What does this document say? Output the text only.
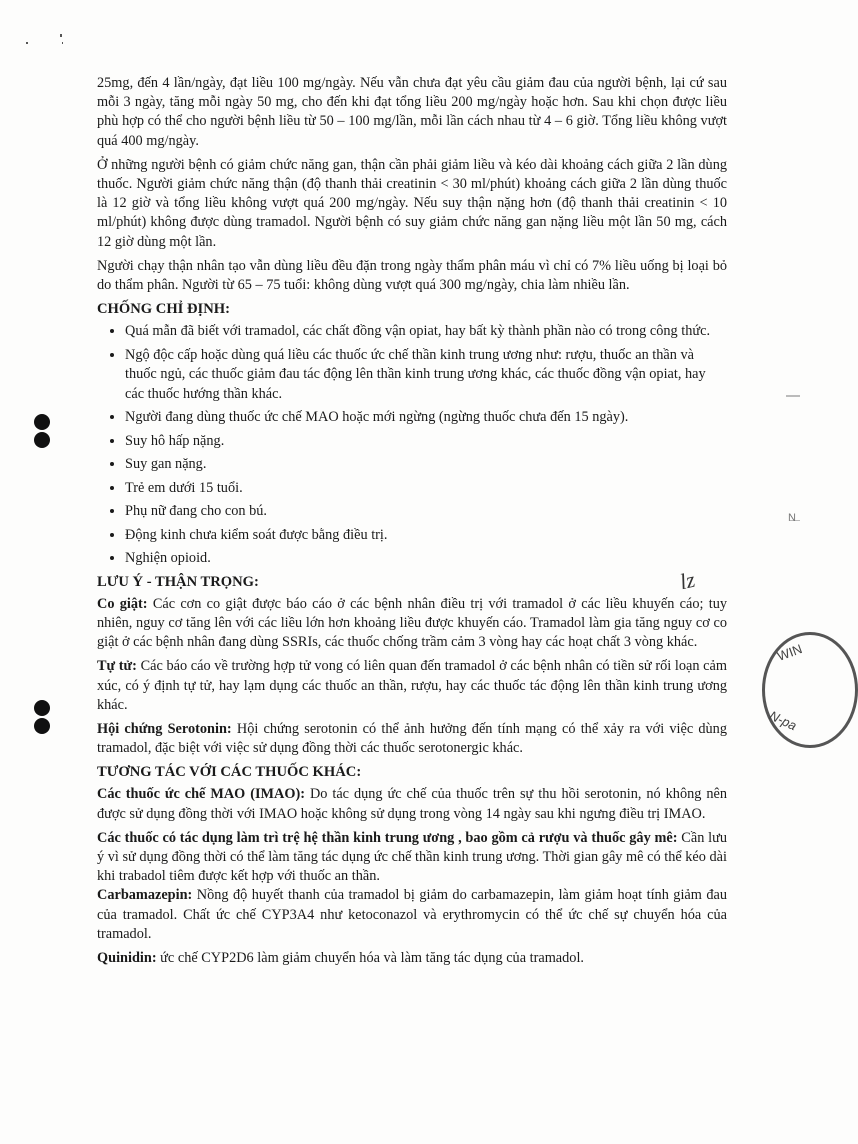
N
WIN
N-pa
lz

25mg, đến 4 lần/ngày, đạt liều 100 mg/ngày. Nếu vẫn chưa đạt yêu cầu giảm đau của người bệnh, lại cứ sau mỗi 3 ngày, tăng mỗi ngày 50 mg, cho đến khi đạt tổng liều 200 mg/ngày hoặc hơn. Sau khi chọn được liều phù hợp có thể cho người bệnh liều từ 50 – 100 mg/lần, mỗi lần cách nhau từ 4 – 6 giờ. Tổng liều không vượt quá 400 mg/ngày.

Ở những người bệnh có giảm chức năng gan, thận cần phải giảm liều và kéo dài khoảng cách giữa 2 lần dùng thuốc. Người giảm chức năng thận (độ thanh thải creatinin < 30 ml/phút) khoảng cách giữa 2 lần dùng thuốc là 12 giờ và tổng liều không vượt quá 200 mg/ngày. Nếu suy thận nặng hơn (độ thanh thải creatinin < 10 ml/phút) không được dùng tramadol. Người bệnh có suy giảm chức năng gan nặng liều một lần 50 mg, cách 12 giờ dùng một lần.

Người chạy thận nhân tạo vẫn dùng liều đều đặn trong ngày thẩm phân máu vì chỉ có 7% liều uống bị loại bỏ do thẩm phân. Người từ 65 – 75 tuổi: không dùng vượt quá 300 mg/ngày, chia làm nhiều lần.

CHỐNG CHỈ ĐỊNH:
• Quá mẫn đã biết với tramadol, các chất đồng vận opiat, hay bất kỳ thành phần nào có trong công thức.
• Ngộ độc cấp hoặc dùng quá liều các thuốc ức chế thần kinh trung ương như: rượu, thuốc an thần và thuốc ngủ, các thuốc giảm đau tác động lên thần kinh trung ương khác, các thuốc đồng vận opiat, hay các thuốc hướng thần khác.
• Người đang dùng thuốc ức chế MAO hoặc mới ngừng (ngừng thuốc chưa đến 15 ngày).
• Suy hô hấp nặng.
• Suy gan nặng.
• Trẻ em dưới 15 tuổi.
• Phụ nữ đang cho con bú.
• Động kinh chưa kiểm soát được bằng điều trị.
• Nghiện opioid.
LƯU Ý - THẬN TRỌNG:

Co giật: Các cơn co giật được báo cáo ở các bệnh nhân điều trị với tramadol ở các liều khuyến cáo; tuy nhiên, nguy cơ tăng lên với các liều lớn hơn khoảng liều được khuyến cáo. Tramadol làm gia tăng nguy cơ co giật ở các bệnh nhân đang dùng SSRIs, các thuốc chống trầm cảm 3 vòng hay các hoạt chất 3 vòng khác.

Tự tử: Các báo cáo về trường hợp tử vong có liên quan đến tramadol ở các bệnh nhân có tiền sử rối loạn cảm xúc, có ý định tự tử, hay lạm dụng các thuốc an thần, rượu, hay các thuốc tác động lên thần kinh trung ương khác.

Hội chứng Serotonin: Hội chứng serotonin có thể ảnh hưởng đến tính mạng có thể xảy ra với việc dùng tramadol, đặc biệt với việc sử dụng đồng thời các thuốc serotonergic khác.

TƯƠNG TÁC VỚI CÁC THUỐC KHÁC:

Các thuốc ức chế MAO (IMAO): Do tác dụng ức chế của thuốc trên sự thu hồi serotonin, nó không nên được sử dụng đồng thời với IMAO hoặc không sử dụng trong vòng 14 ngày sau khi ngưng điều trị IMAO.

Các thuốc có tác dụng làm trì trệ hệ thần kinh trung ương , bao gồm cả rượu và thuốc gây mê: Cần lưu ý vì sử dụng đồng thời có thể làm tăng tác dụng ức chế thần kinh trung ương. Thời gian gây mê có thể kéo dài khi trabadol tiêm được kết hợp với thuốc an thần.

Carbamazepin: Nồng độ huyết thanh của tramadol bị giảm do carbamazepin, làm giảm hoạt tính giảm đau của tramadol. Chất ức chế CYP3A4 như ketoconazol và erythromycin có thể ức chế sự chuyển hóa của tramadol.

Quinidin: ức chế CYP2D6 làm giảm chuyển hóa và làm tăng tác dụng của tramadol.
